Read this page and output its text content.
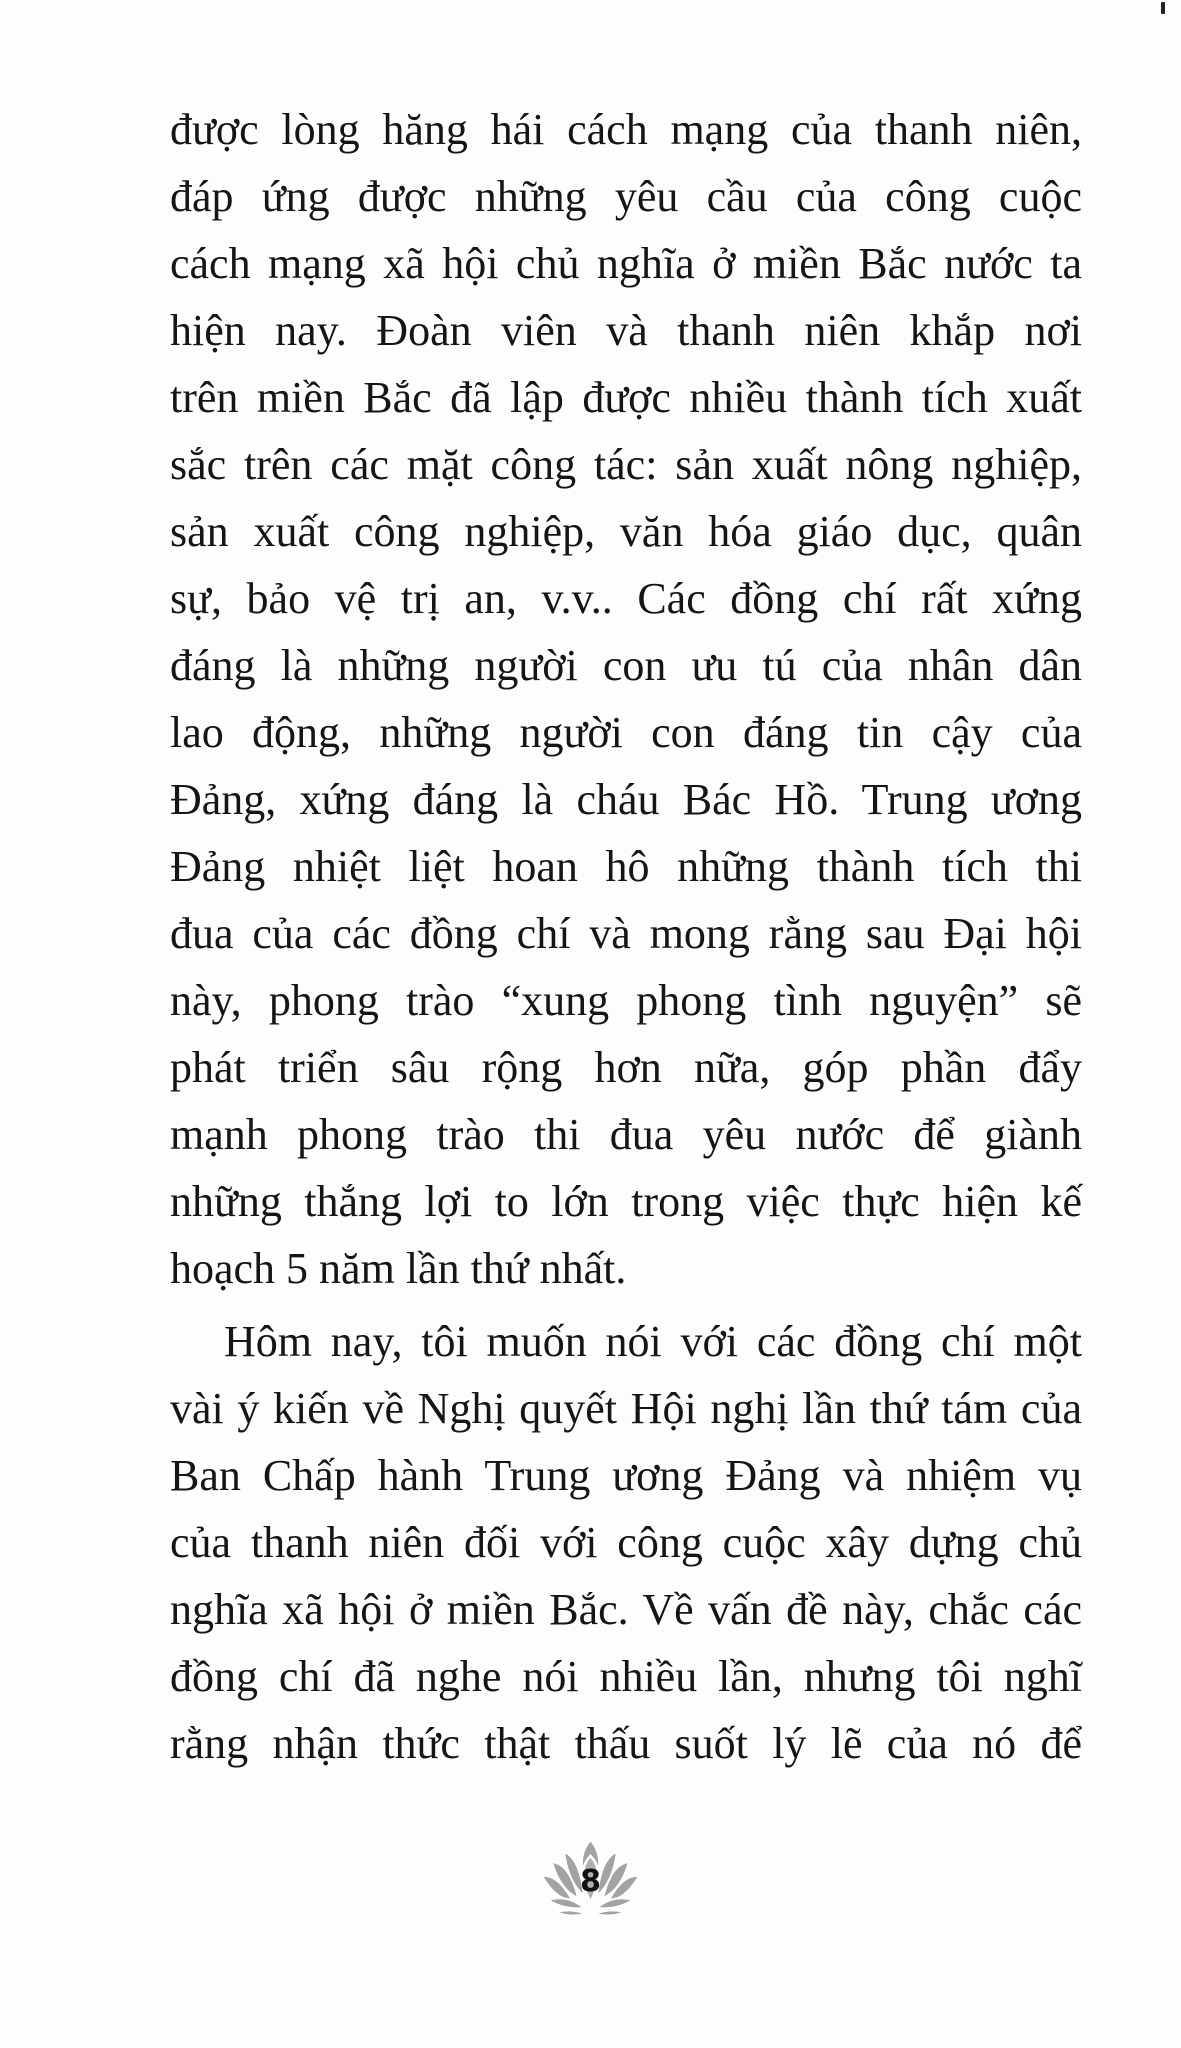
được lòng hăng hái cách mạng của thanh niên,
đáp ứng được những yêu cầu của công cuộc
cách mạng xã hội chủ nghĩa ở miền Bắc nước ta
hiện nay. Đoàn viên và thanh niên khắp nơi
trên miền Bắc đã lập được nhiều thành tích xuất
sắc trên các mặt công tác: sản xuất nông nghiệp,
sản xuất công nghiệp, văn hóa giáo dục, quân
sự, bảo vệ trị an, v.v.. Các đồng chí rất xứng
đáng là những người con ưu tú của nhân dân
lao động, những người con đáng tin cậy của
Đảng, xứng đáng là cháu Bác Hồ. Trung ương
Đảng nhiệt liệt hoan hô những thành tích thi
đua của các đồng chí và mong rằng sau Đại hội
này, phong trào “xung phong tình nguyện” sẽ
phát triển sâu rộng hơn nữa, góp phần đẩy
mạnh phong trào thi đua yêu nước để giành
những thắng lợi to lớn trong việc thực hiện kế
hoạch 5 năm lần thứ nhất.
Hôm nay, tôi muốn nói với các đồng chí một
vài ý kiến về Nghị quyết Hội nghị lần thứ tám của
Ban Chấp hành Trung ương Đảng và nhiệm vụ
của thanh niên đối với công cuộc xây dựng chủ
nghĩa xã hội ở miền Bắc. Về vấn đề này, chắc các
đồng chí đã nghe nói nhiều lần, nhưng tôi nghĩ
rằng nhận thức thật thấu suốt lý lẽ của nó để
8
